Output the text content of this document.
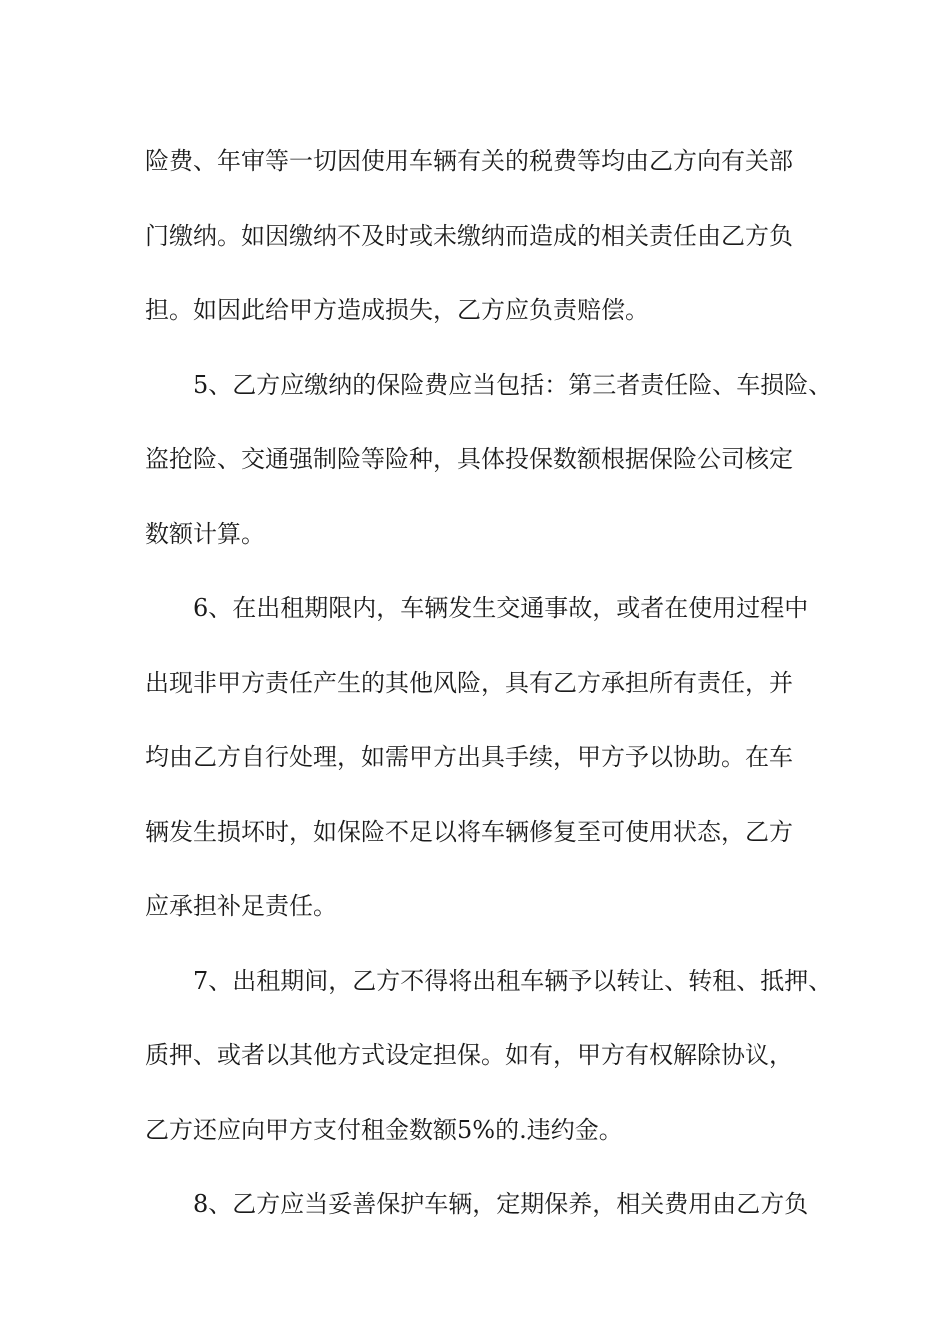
险费、年审等一切因使用车辆有关的税费等均由乙方向有关部
门缴纳。如因缴纳不及时或未缴纳而造成的相关责任由乙方负
担。如因此给甲方造成损失，乙方应负责赔偿。
5、乙方应缴纳的保险费应当包括：第三者责任险、车损险、
盗抢险、交通强制险等险种，具体投保数额根据保险公司核定
数额计算。
6、在出租期限内，车辆发生交通事故，或者在使用过程中
出现非甲方责任产生的其他风险，具有乙方承担所有责任，并
均由乙方自行处理，如需甲方出具手续，甲方予以协助。在车
辆发生损坏时，如保险不足以将车辆修复至可使用状态，乙方
应承担补足责任。
7、出租期间，乙方不得将出租车辆予以转让、转租、抵押、
质押、或者以其他方式设定担保。如有，甲方有权解除协议，
乙方还应向甲方支付租金数额5%的.违约金。
8、乙方应当妥善保护车辆，定期保养，相关费用由乙方负
